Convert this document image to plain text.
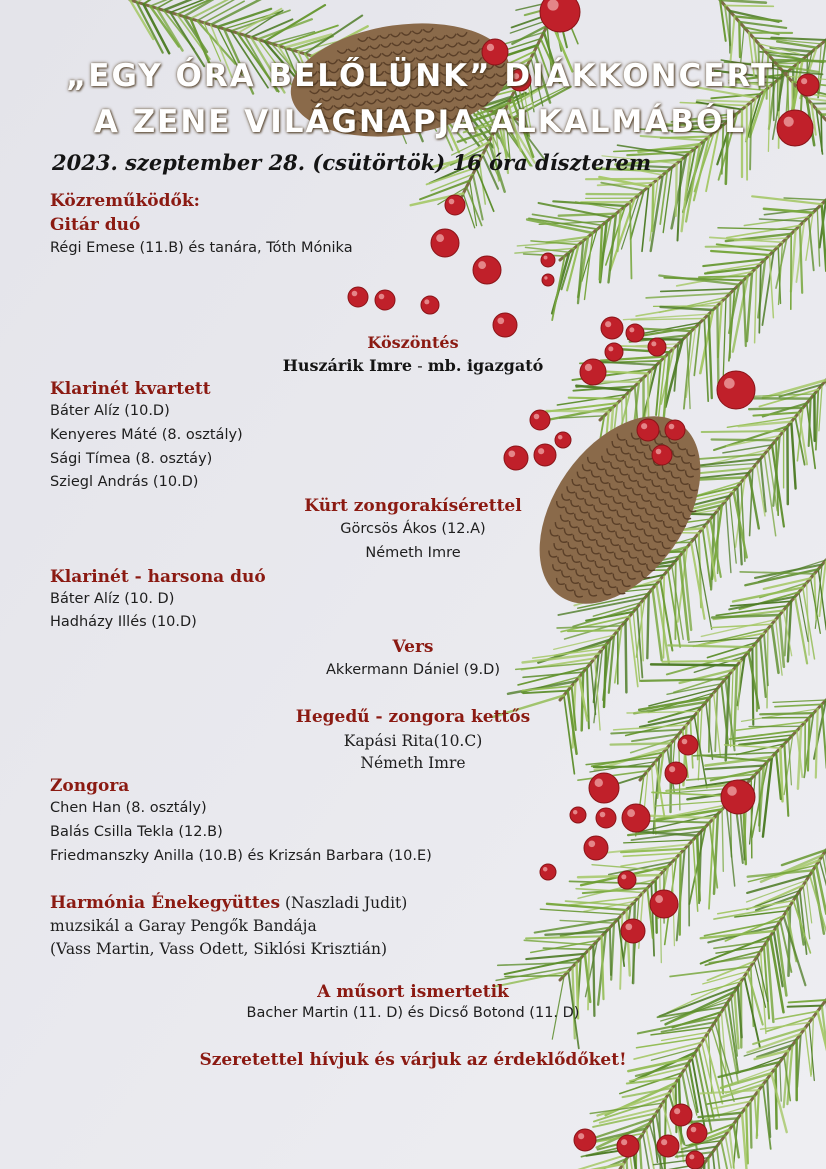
„EGY ÓRA BELŐLÜNK” DIÁKKONCERT
A ZENE VILÁGNAPJA ALKALMÁBÓL
2023. szeptember 28. (csütörtök) 16 óra díszterem
Közreműködők:
Gitár duó
Régi Emese (11.B) és tanára, Tóth Mónika
Köszöntés
Huszárik Imre - mb. igazgató
Klarinét kvartett
Báter Alíz (10.D)
Kenyeres Máté (8. osztály)
Sági Tímea (8. osztáy)
Sziegl András (10.D)
Kürt zongorakísérettel
Görcsös Ákos (12.A)
Németh Imre
Klarinét - harsona duó
Báter Alíz (10. D)
Hadházy Illés (10.D)
Vers
Akkermann Dániel (9.D)
Hegedű - zongora kettős
Kapási Rita(10.C)
Németh Imre
Zongora
Chen Han (8. osztály)
Balás Csilla Tekla (12.B)
Friedmanszky Anilla (10.B) és Krizsán Barbara (10.E)
Harmónia Énekegyüttes (Naszladi Judit)
muzsikál a Garay Pengők Bandája
(Vass Martin, Vass Odett, Siklósi Krisztián)
A műsort ismertetik
Bacher Martin (11. D) és Dicső Botond (11. D)
Szeretettel hívjuk és várjuk az érdeklődőket!
